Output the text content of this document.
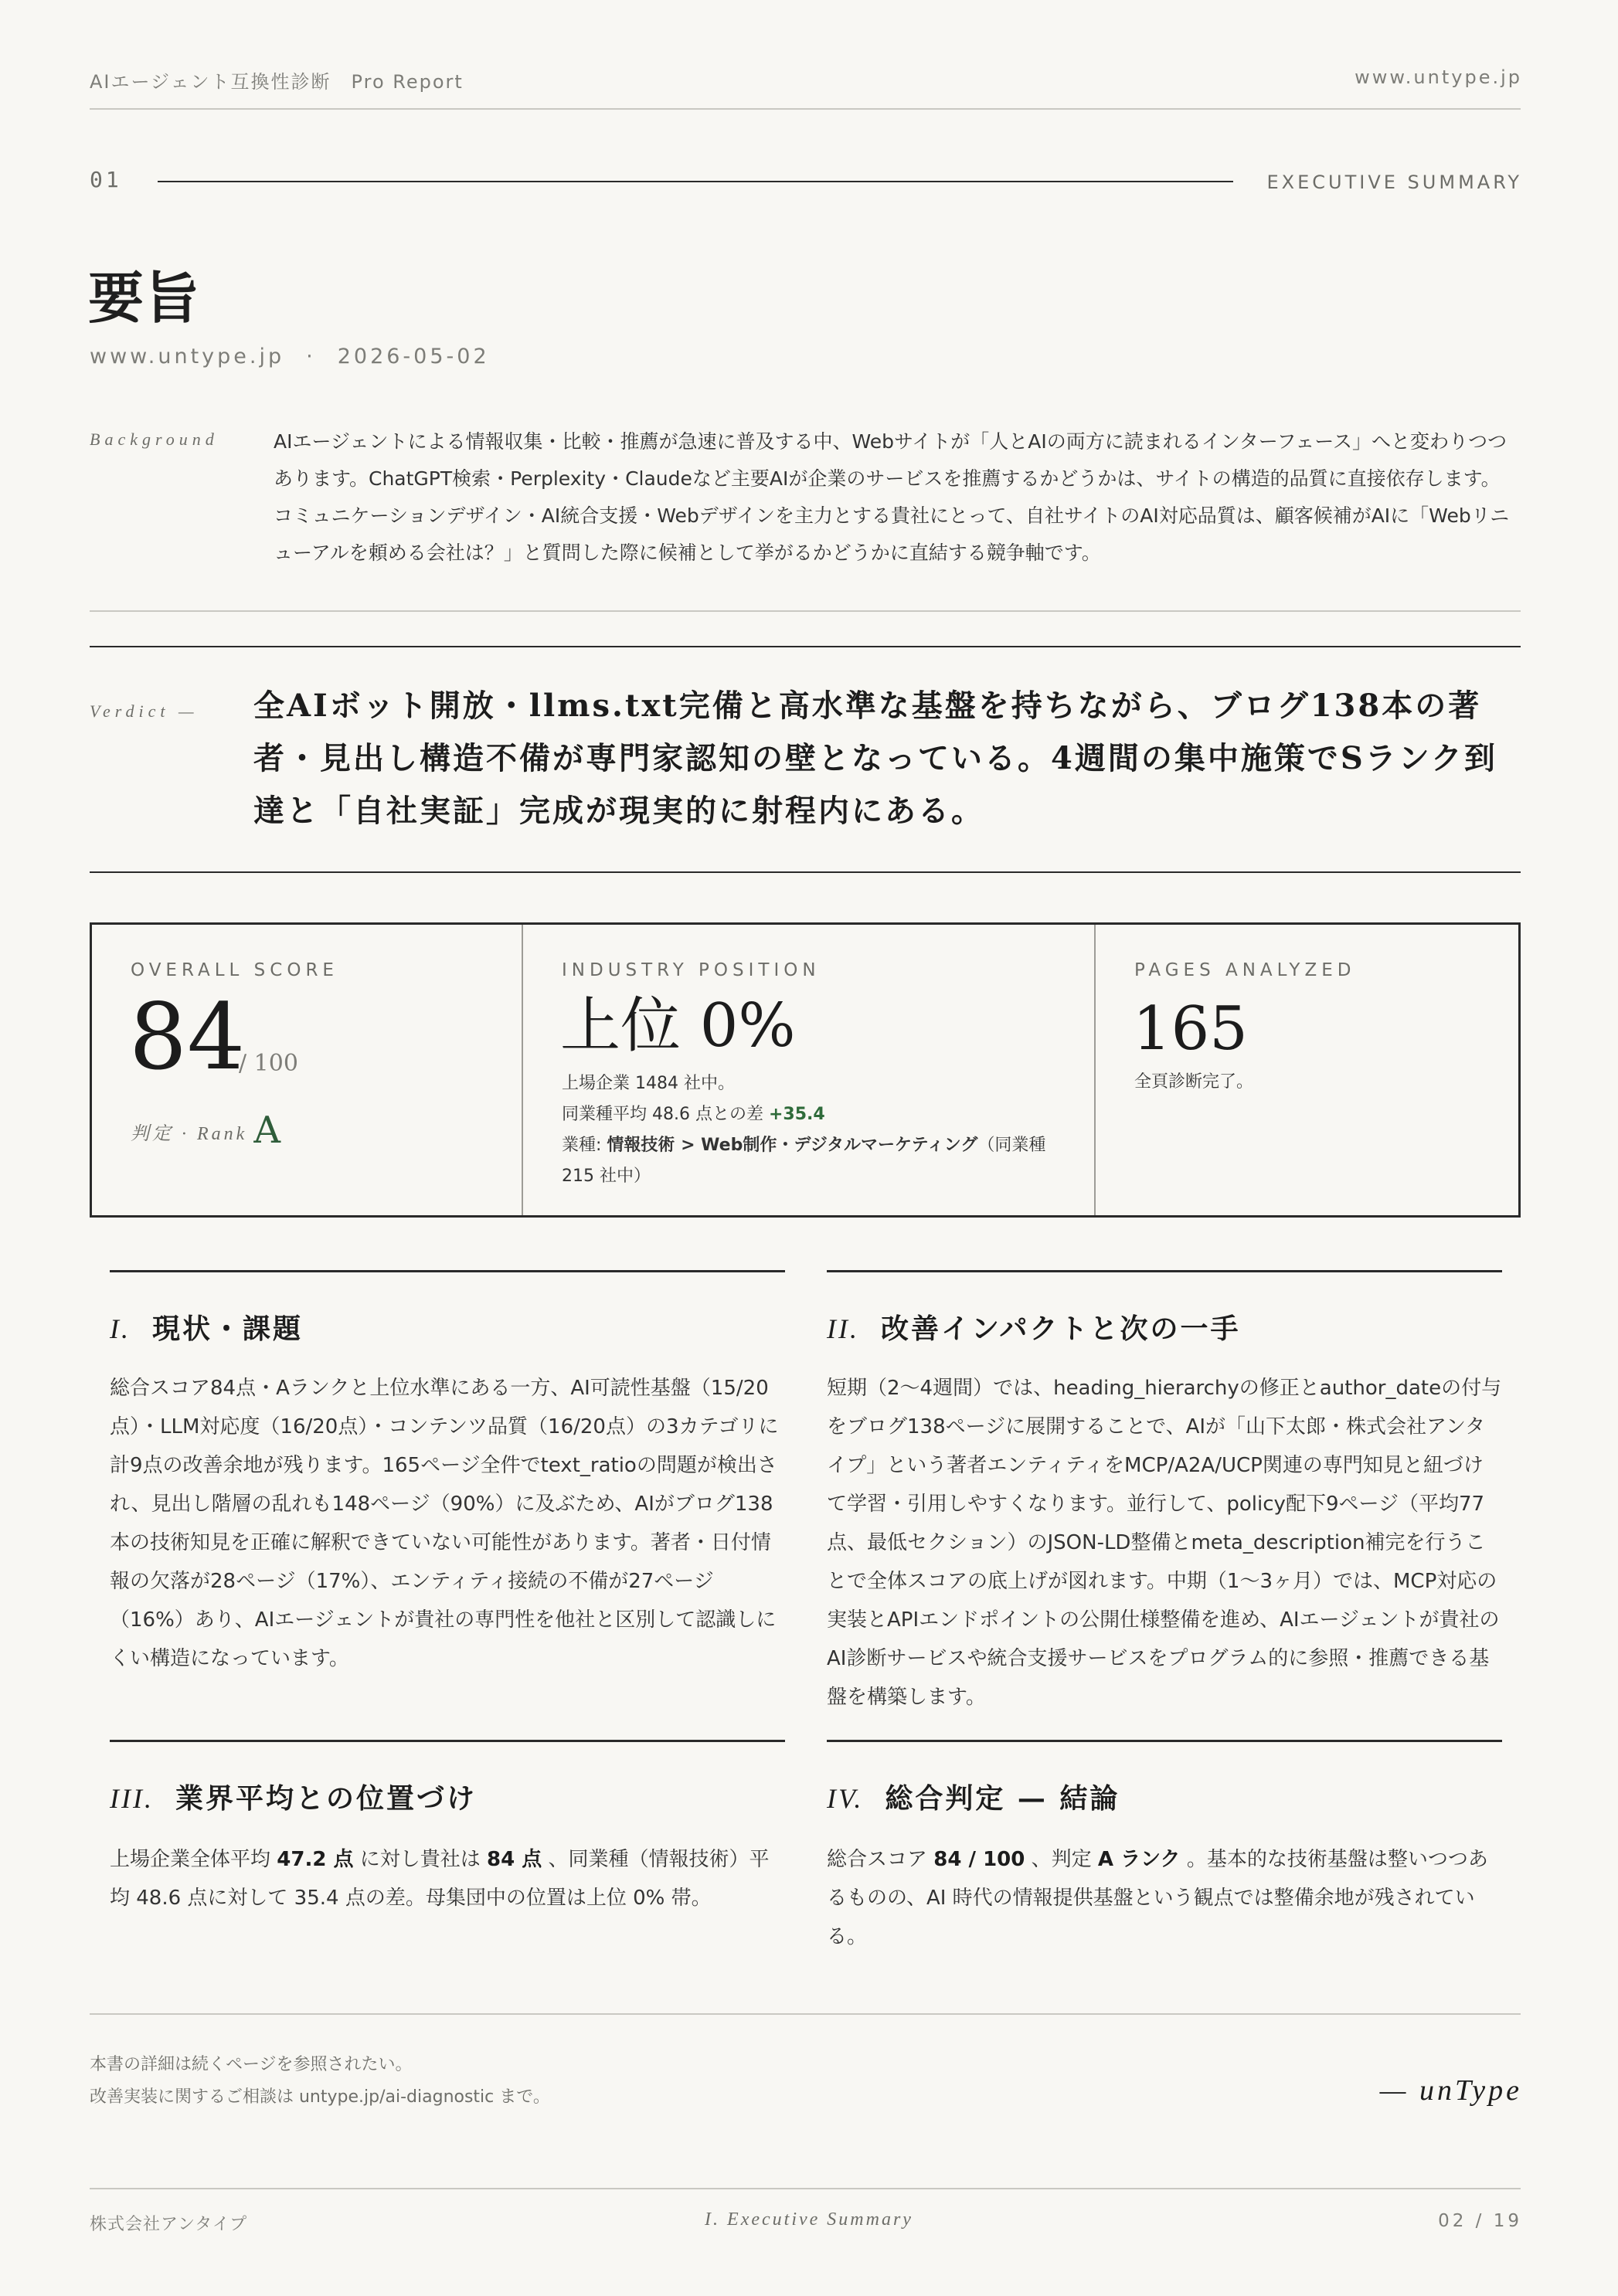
AIエージェント互換性診断 Pro Report	www.untype.jp
01	EXECUTIVE SUMMARY
要旨
www.untype.jp · 2026-05-02
Background	AIエージェントによる情報収集・比較・推薦が急速に普及する中、Webサイトが「人とAIの両方に読まれるインターフェース」へと変わりつつあります。ChatGPT検索・Perplexity・Claudeなど主要AIが企業のサービスを推薦するかどうかは、サイトの構造的品質に直接依存します。コミュニケーションデザイン・AI統合支援・Webデザインを主力とする貴社にとって、自社サイトのAI対応品質は、顧客候補がAIに「Webリニューアルを頼める会社は？」と質問した際に候補として挙がるかどうかに直結する競争軸です。
Verdict — 全AIボット開放・llms.txt完備と高水準な基盤を持ちながら、ブログ138本の著者・見出し構造不備が専門家認知の壁となっている。4週間の集中施策でSランク到達と「自社実証」完成が現実的に射程内にある。
OVERALL SCORE
84
/ 100
判定 · Rank A
INDUSTRY POSITION
上位 0%
上場企業 1484 社中。
同業種平均 48.6 点との差 +35.4
業種: 情報技術 > Web制作・デジタルマーケティング（同業種 215 社中）
PAGES ANALYZED
165
全頁診断完了。
I. 現状・課題
総合スコア84点・Aランクと上位水準にある一方、AI可読性基盤（15/20点）・LLM対応度（16/20点）・コンテンツ品質（16/20点）の3カテゴリに計9点の改善余地が残ります。165ページ全件でtext_ratioの問題が検出され、見出し階層の乱れも148ページ（90%）に及ぶため、AIがブログ138本の技術知見を正確に解釈できていない可能性があります。著者・日付情報の欠落が28ページ（17%）、エンティティ接続の不備が27ページ（16%）あり、AIエージェントが貴社の専門性を他社と区別して認識しにくい構造になっています。
II. 改善インパクトと次の一手
短期（2〜4週間）では、heading_hierarchyの修正とauthor_dateの付与をブログ138ページに展開することで、AIが「山下太郎・株式会社アンタイプ」という著者エンティティをMCP/A2A/UCP関連の専門知見と紐づけて学習・引用しやすくなります。並行して、policy配下9ページ（平均77点、最低セクション）のJSON-LD整備とmeta_description補完を行うことで全体スコアの底上げが図れます。中期（1〜3ヶ月）では、MCP対応の実装とAPIエンドポイントの公開仕様整備を進め、AIエージェントが貴社のAI診断サービスや統合支援サービスをプログラム的に参照・推薦できる基盤を構築します。
III. 業界平均との位置づけ
上場企業全体平均 47.2 点 に対し貴社は 84 点 、同業種（情報技術）平均 48.6 点に対して 35.4 点の差。母集団中の位置は上位 0% 帯。
IV. 総合判定 — 結論
総合スコア 84 / 100 、判定 A ランク 。基本的な技術基盤は整いつつあるものの、AI 時代の情報提供基盤という観点では整備余地が残されている。
本書の詳細は続くページを参照されたい。
改善実装に関するご相談は untype.jp/ai-diagnostic まで。	— unType
株式会社アンタイプ	I. Executive Summary	02 / 19
